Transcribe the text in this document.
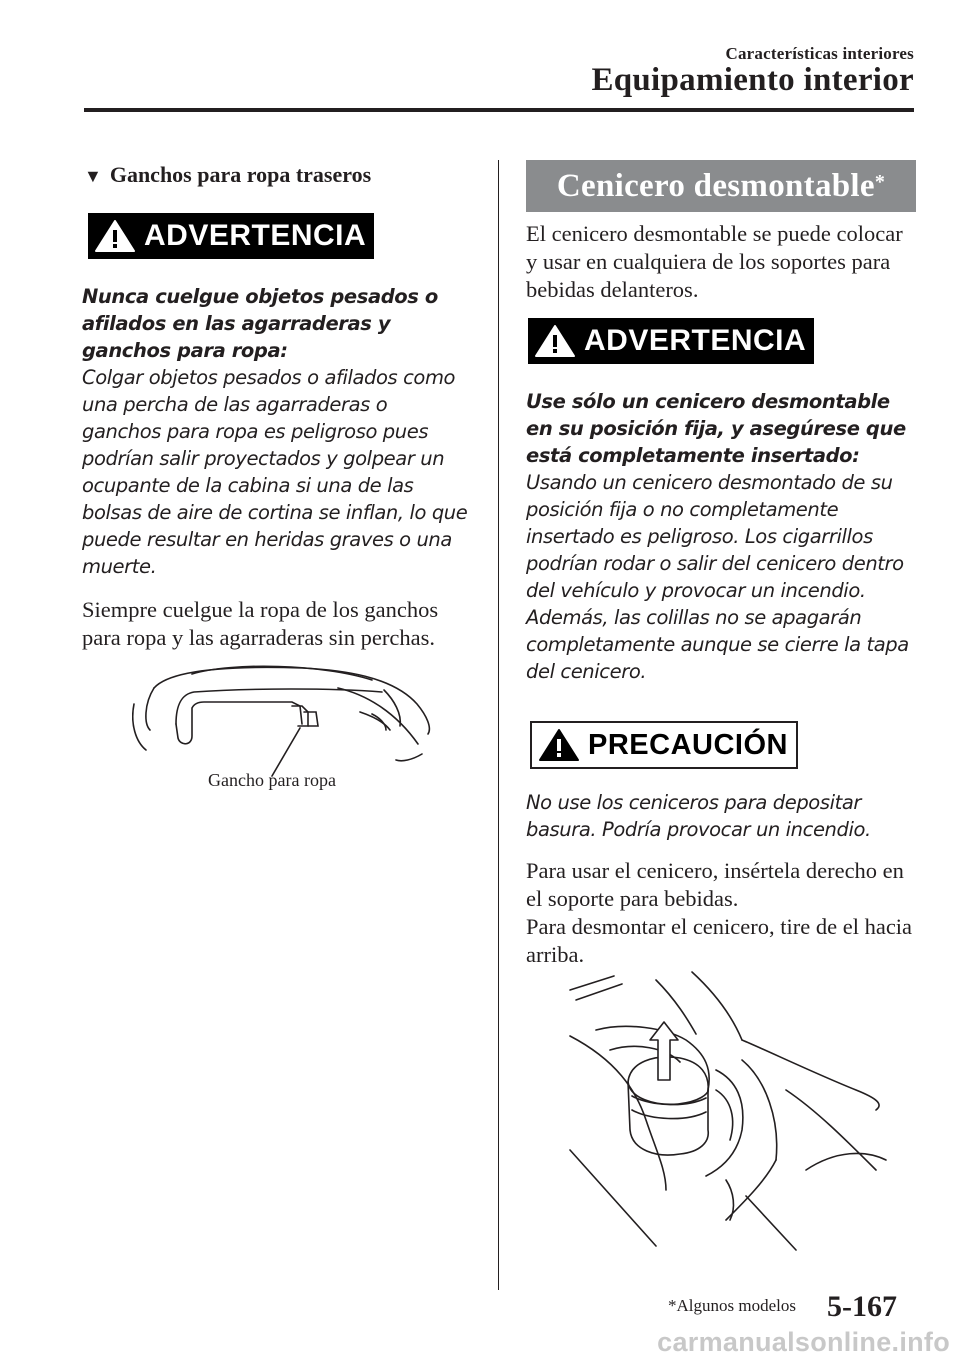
Características interiores
Equipamiento interior
▼ Ganchos para ropa traseros
ADVERTENCIA

Nunca cuelgue objetos pesados o afilados en las agarraderas y ganchos para ropa:
Colgar objetos pesados o afilados como una percha de las agarraderas o ganchos para ropa es peligroso pues podrían salir proyectados y golpear un ocupante de la cabina si una de las bolsas de aire de cortina se inflan, lo que puede resultar en heridas graves o una muerte.

Siempre cuelgue la ropa de los ganchos para ropa y las agarraderas sin perchas.

Gancho para ropa
Cenicero desmontable*

El cenicero desmontable se puede colocar y usar en cualquiera de los soportes para bebidas delanteros.

ADVERTENCIA

Use sólo un cenicero desmontable en su posición fija, y asegúrese que está completamente insertado:
Usando un cenicero desmontado de su posición fija o no completamente insertado es peligroso. Los cigarrillos podrían rodar o salir del cenicero dentro del vehículo y provocar un incendio. Además, las colillas no se apagarán completamente aunque se cierre la tapa del cenicero.

PRECAUCIÓN

No use los ceniceros para depositar basura. Podría provocar un incendio.

Para usar el cenicero, insértela derecho en el soporte para bebidas.

Para desmontar el cenicero, tire de el hacia arriba.

*Algunos modelos 5-167
carmanualsonline.info
